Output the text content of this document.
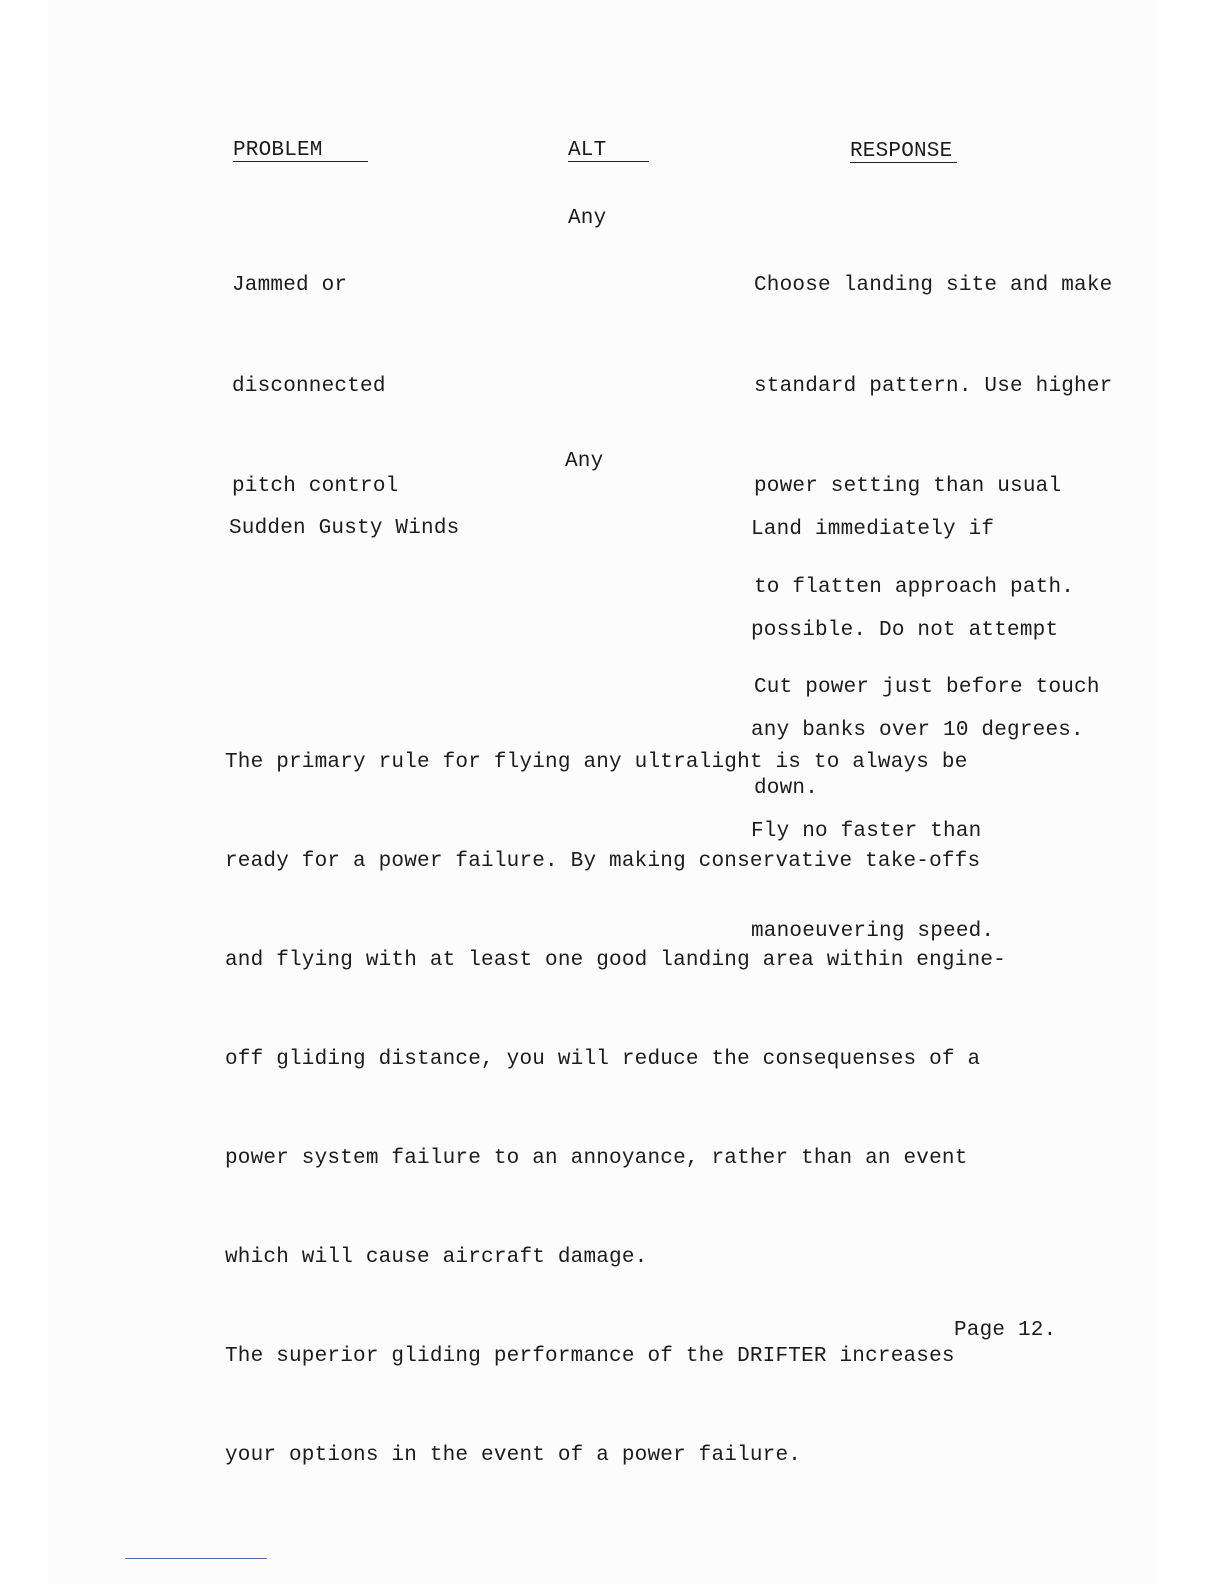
PROBLEM	ALT	RESPONSE

Jammed or

disconnected

pitch control

Any

Choose landing site and make

standard pattern. Use higher

power setting than usual

to flatten approach path.

Cut power just before touch

down.

Sudden Gusty Winds

Any

Land immediately if

possible. Do not attempt

any banks over 10 degrees.

Fly no faster than

manoeuvering speed.

The primary rule for flying any ultralight is to always be

ready for a power failure. By making conservative take-offs

and flying with at least one good landing area within engine-

off gliding distance, you will reduce the consequenses of a

power system failure to an annoyance, rather than an event

which will cause aircraft damage.

The superior gliding performance of the DRIFTER increases

your options in the event of a power failure.

Page 12.
